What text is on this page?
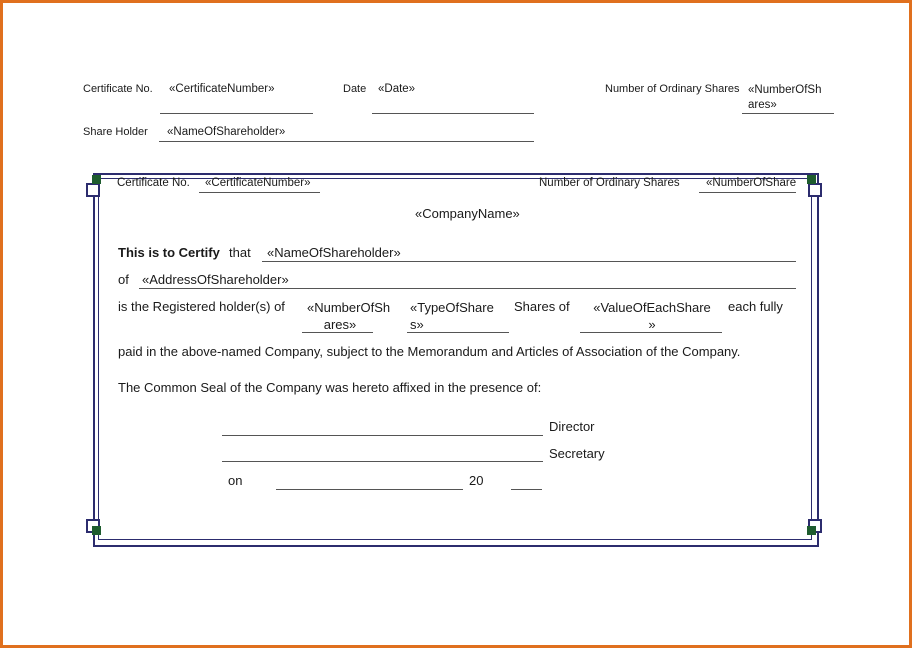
Certificate No. «CertificateNumber»	Date «Date»	Number of Ordinary Shares «NumberOfSh
ares»
Share Holder «NameOfShareholder»
Certificate No. «CertificateNumber»	Number of Ordinary Shares «NumberOfShare
«CompanyName»
This is to Certify that «NameOfShareholder»
of «AddressOfShareholder»
is the Registered holder(s) of «NumberOfSh
ares»
«TypeOfShare
s»
Shares of	«ValueOfEachShare
»
each fully
paid in the above-named Company, subject to the Memorandum and Articles of Association of the Company.
The Common Seal of the Company was hereto affixed in the presence of:
Director
Secretary
on	20
